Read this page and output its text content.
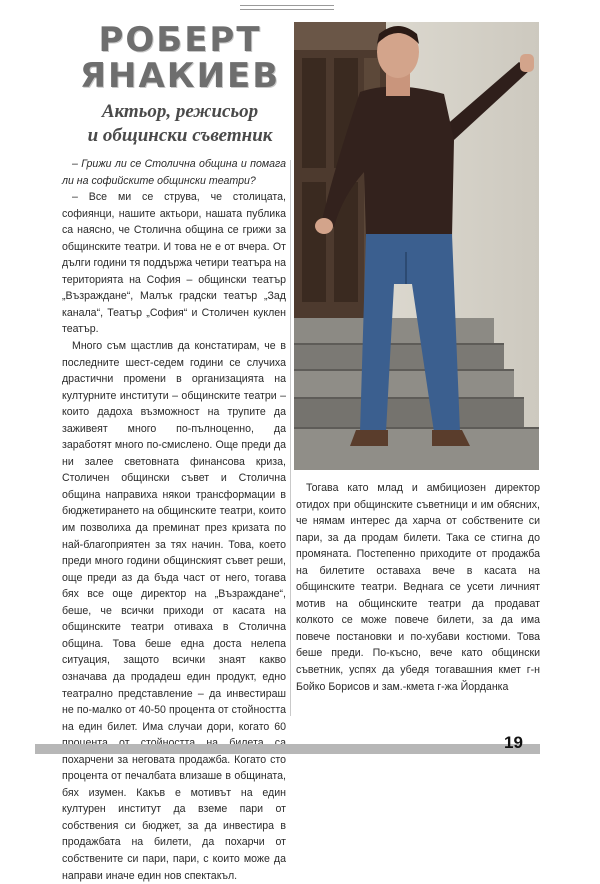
РОБЕРТ
ЯНАКИЕВ
Актьор, режисьор
и общински съветник

– Грижи ли се Столична община и помага ли на софийските общински театри?

– Все ми се струва, че столицата, софиянци, нашите актьори, нашата публика са наясно, че Столична община се грижи за общинските театри. И това не е от вчера. От дълги години тя поддържа четири театъра на територията на София – общински театър „Възраждане“, Малък градски театър „Зад канала“, Театър „София“ и Столичен куклен театър.

Много съм щастлив да констатирам, че в последните шест-седем години се случиха драстични промени в организацията на културните институти – общинските театри – които дадоха възможност на трупите да заживеят много по-пълноценно, да заработят много по-смислено. Още преди да ни залее световната финансова криза, Столичен общински съвет и Столична община направиха някои трансформации в бюджетирането на общинските театри, които им позволиха да преминат през кризата по най-благоприятен за тях начин. Това, което преди много години общинският съвет реши, още преди аз да бъда част от него, тогава бях все още директор на „Възраждане“, беше, че всички приходи от касата на общинските театри отиваха в Столична община. Това беше една доста нелепа ситуация, защото всички знаят какво означава да продадеш един продукт, едно театрално представление – да инвестираш не по-малко от 40-50 процента от стойността на един билет. Има случаи дори, когато 60 похарчени за неговата продажба. Когато сто процента от печалбата влизаше в общината, бях изумен. Какъв е мотивът на един културен институт да вземе пари от собствения си бюджет, за да инвестира в продажбата на билети, да похарчи от собствените си пари, пари, с които може да направи иначе един нов спектакъл.

Тогава като млад и амбициозен директор отидох при общинските съветници и им обясних, че нямам интерес да харча от собствените си пари, за да продам билети. Така се стигна до промяната. Постепенно приходите от продажба на билетите оставаха вече в касата на общинските театри. Веднага се усети личният мотив на общинските театри да продават колкото се може повече билети, за да има повече постановки и по-хубави костюми. Това беше преди. По-късно, вече като общински съветник, успях да убедя тогавашния кмет г-н Бойко Борисов и зам.-кмета г-жа Йорданка

19
